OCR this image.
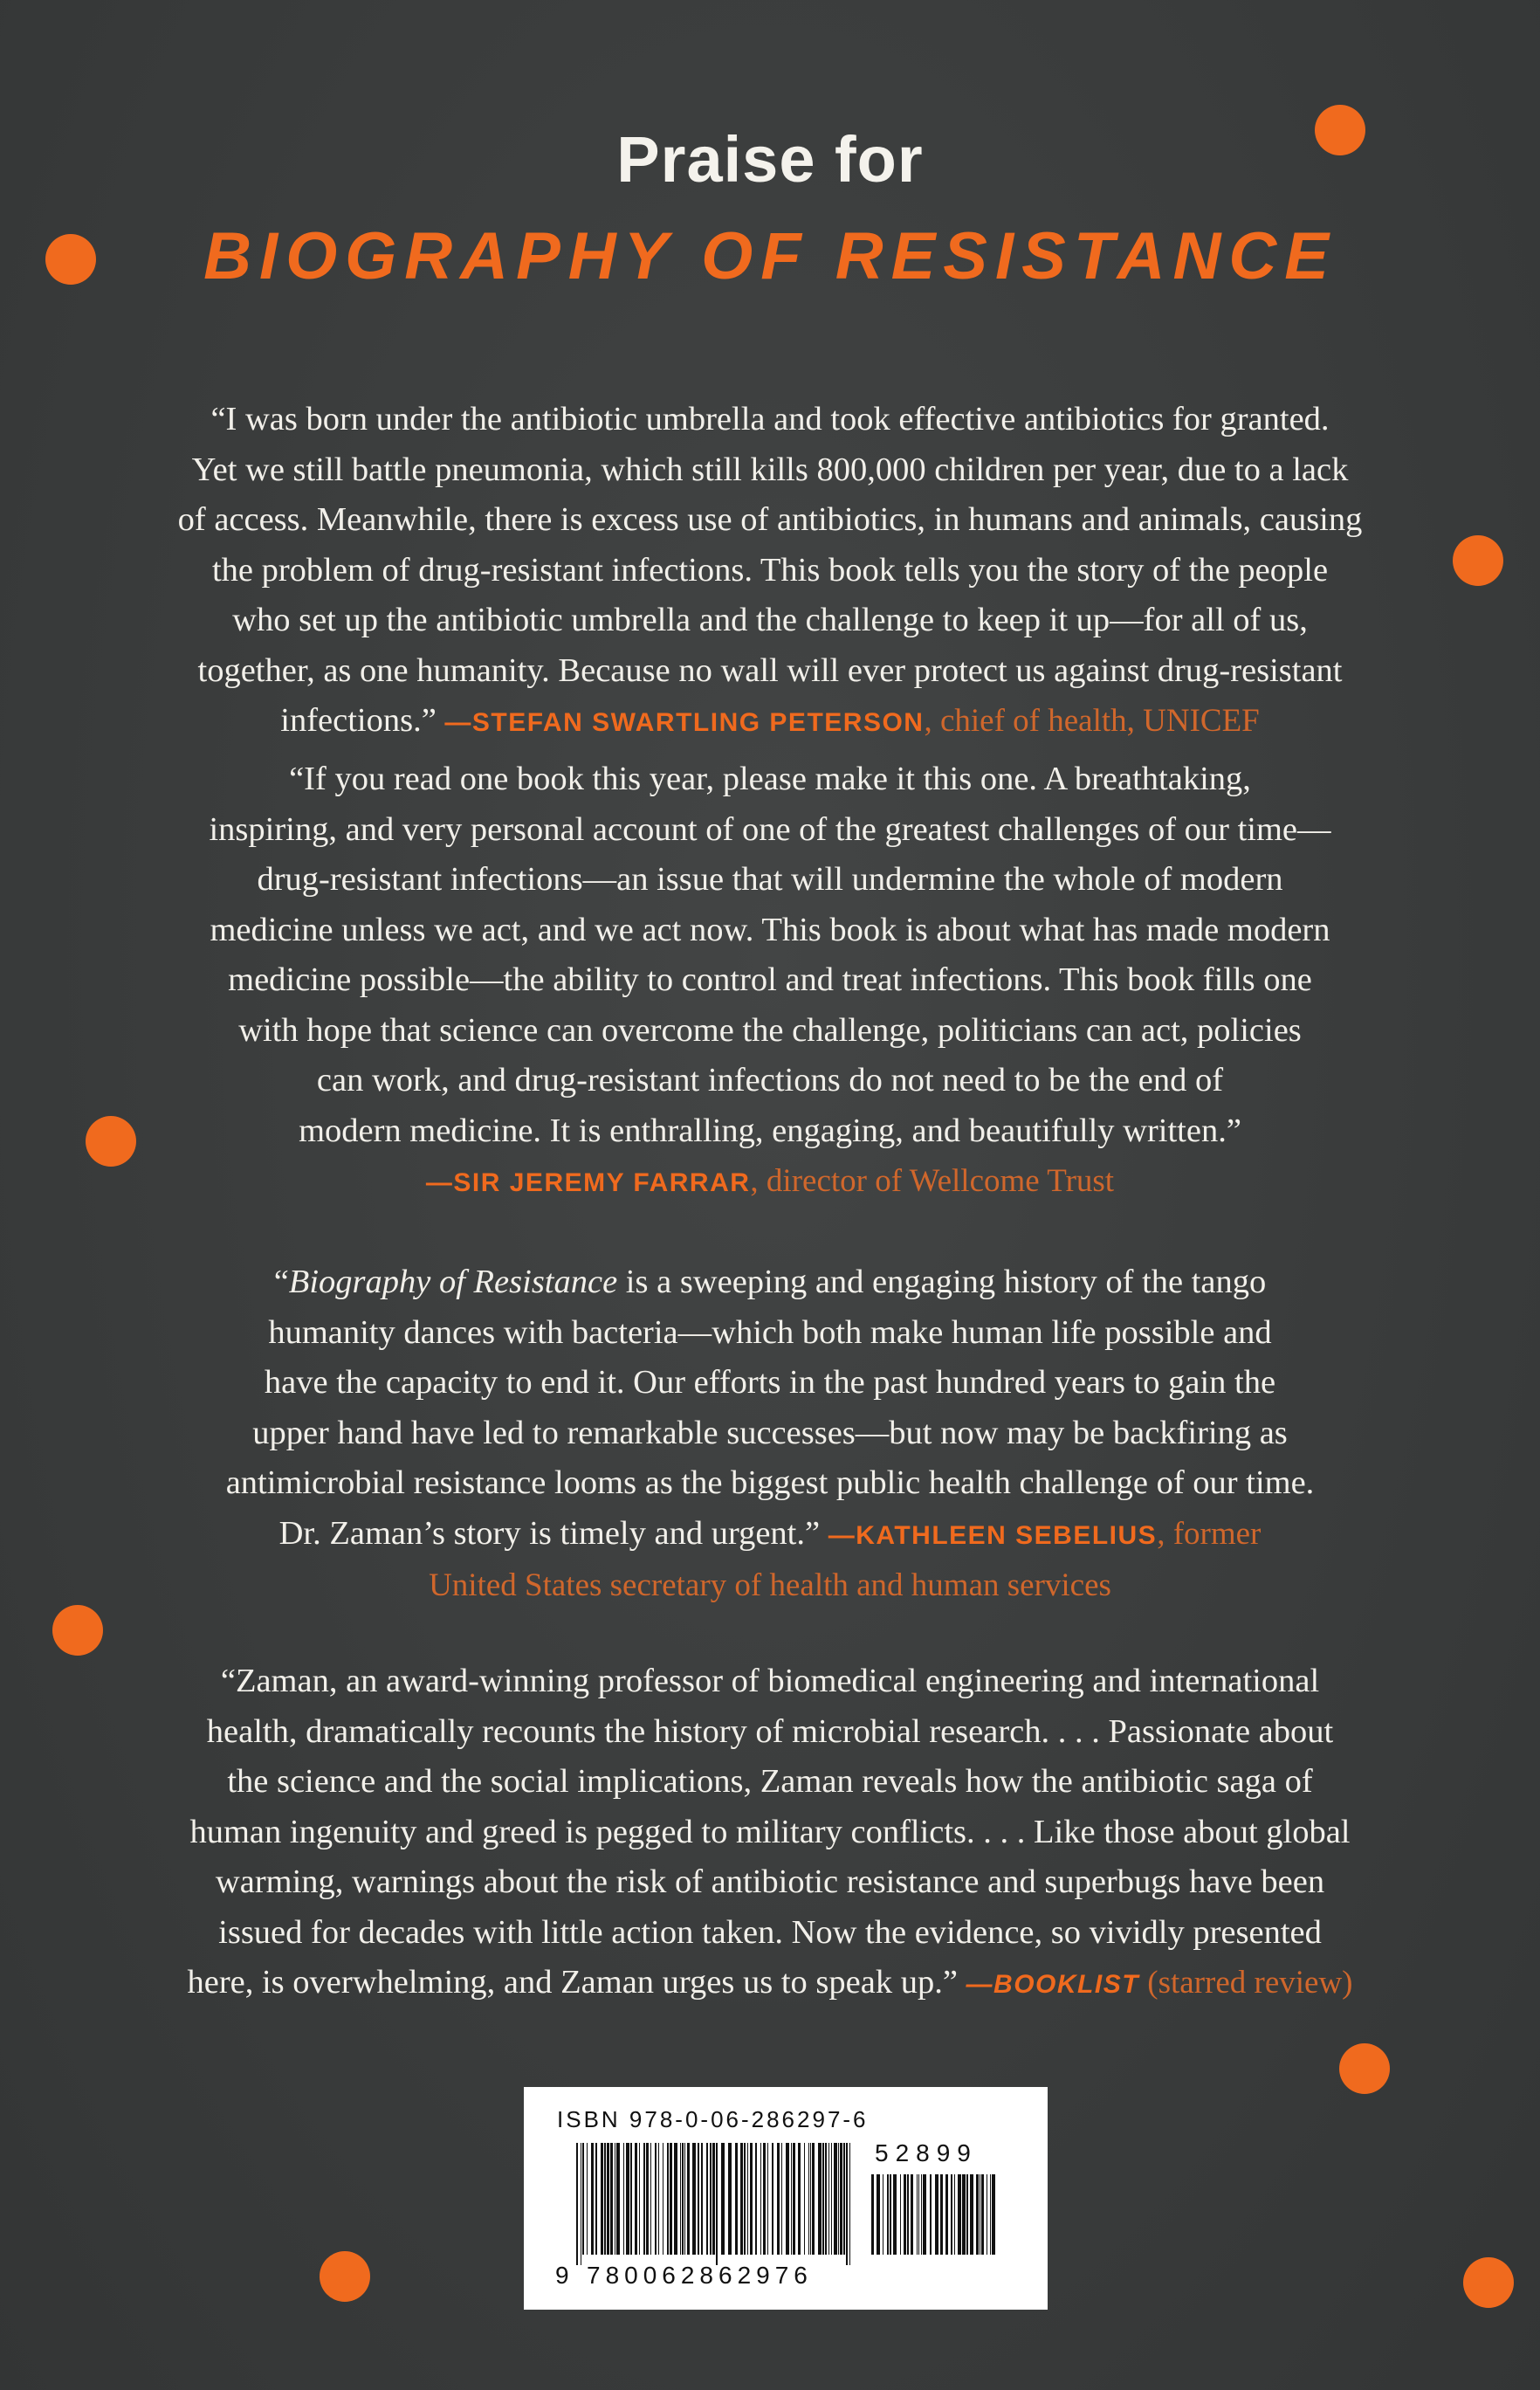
Praise for
BIOGRAPHY OF RESISTANCE
“I was born under the antibiotic umbrella and took effective antibiotics for granted.
Yet we still battle pneumonia, which still kills 800,000 children per year, due to a lack
of access. Meanwhile, there is excess use of antibiotics, in humans and animals, causing
the problem of drug-resistant infections. This book tells you the story of the people
who set up the antibiotic umbrella and the challenge to keep it up—for all of us,
together, as one humanity. Because no wall will ever protect us against drug-resistant
infections.” —STEFAN SWARTLING PETERSON, chief of health, UNICEF
“If you read one book this year, please make it this one. A breathtaking,
inspiring, and very personal account of one of the greatest challenges of our time—
drug-resistant infections—an issue that will undermine the whole of modern
medicine unless we act, and we act now. This book is about what has made modern
medicine possible—the ability to control and treat infections. This book fills one
with hope that science can overcome the challenge, politicians can act, policies
can work, and drug-resistant infections do not need to be the end of
modern medicine. It is enthralling, engaging, and beautifully written.”
—SIR JEREMY FARRAR, director of Wellcome Trust
“Biography of Resistance is a sweeping and engaging history of the tango
humanity dances with bacteria—which both make human life possible and
have the capacity to end it. Our efforts in the past hundred years to gain the
upper hand have led to remarkable successes—but now may be backfiring as
antimicrobial resistance looms as the biggest public health challenge of our time.
Dr. Zaman’s story is timely and urgent.” —KATHLEEN SEBELIUS, former
United States secretary of health and human services
“Zaman, an award-winning professor of biomedical engineering and international
health, dramatically recounts the history of microbial research. . . . Passionate about
the science and the social implications, Zaman reveals how the antibiotic saga of
human ingenuity and greed is pegged to military conflicts. . . . Like those about global
warming, warnings about the risk of antibiotic resistance and superbugs have been
issued for decades with little action taken. Now the evidence, so vividly presented
here, is overwhelming, and Zaman urges us to speak up.” —BOOKLIST (starred review)
ISBN 978-0-06-286297-6
52899
9 780062862976
